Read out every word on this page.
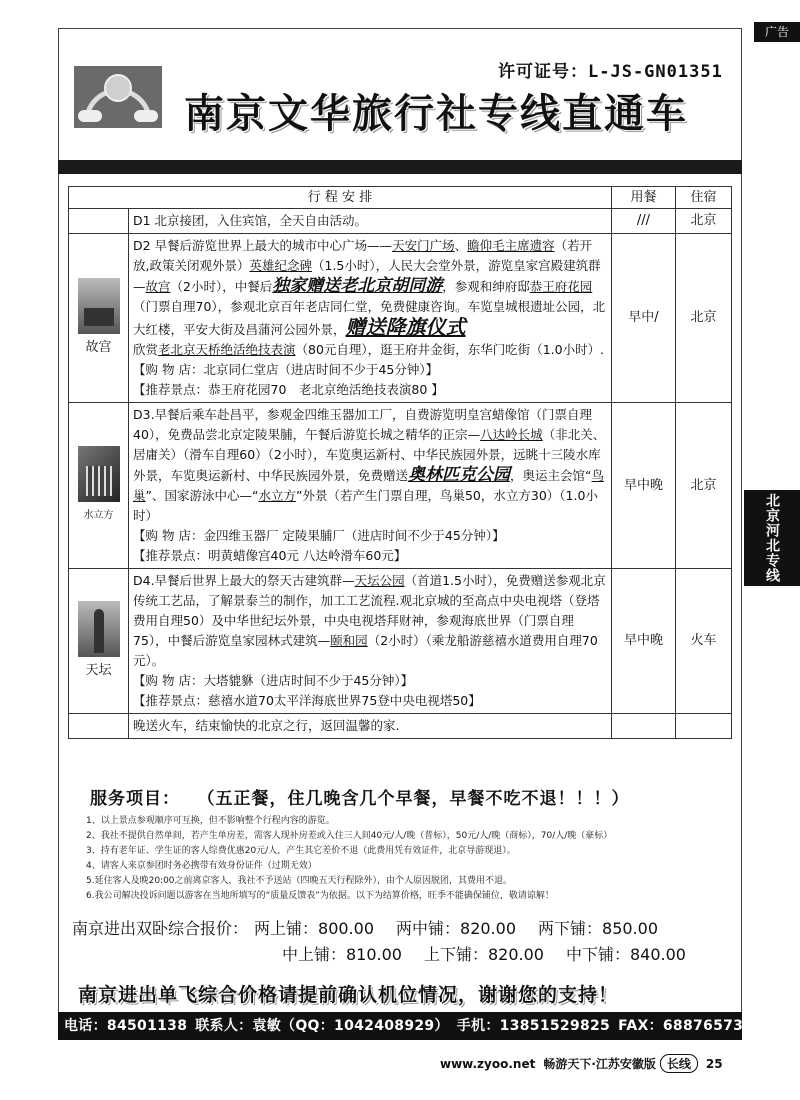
广告
许可证号：L-JS-GN01351
南京文华旅行社专线直通车
行 程 安 排		用餐	住宿
	D1 北京接团，入住宾馆，全天自由活动。	///	北京

故宫	D2 早餐后游览世界上最大的城市中心广场——天安门广场、瞻仰毛主席遗容（若开放,政策关闭观外景）英雄纪念碑（1.5小时），人民大会堂外景，游览皇家宫殿建筑群—故宫（2小时），中餐后独家赠送老北京胡同游，参观和绅府邸恭王府花园（门票自理70），参观北京百年老店同仁堂，免费健康咨询。车览皇城根遗址公园，北大红楼，平安大街及昌蒲河公园外景，赠送降旗仪式
欣赏老北京天桥绝活绝技表演（80元自理），逛王府井金街，东华门吃街（1.0小时）.
【购 物 店：北京同仁堂店（进店时间不少于45分钟）】
【推荐景点：恭王府花园70　老北京绝活绝技表演80 】	早中/	北京

水立方	D3.早餐后乘车赴昌平，参观金四维玉器加工厂，自费游览明皇宫蜡像馆（门票自理40），免费品尝北京定陵果脯，午餐后游览长城之精华的正宗—八达岭长城（非北关、居庸关）（滑车自理60）（2小时），车览奥运新村、中华民族园外景，远眺十三陵水库外景，车览奥运新村、中华民族园外景，免费赠送奥林匹克公园，奥运主会馆“鸟巢”、国家游泳中心—“水立方”外景（若产生门票自理，鸟巢50，水立方30）（1.0小时）
【购 物 店：金四维玉器厂 定陵果脯厂（进店时间不少于45分钟）】
【推荐景点：明黄蜡像宫40元 八达岭滑车60元】	早中晚	北京

天坛	D4.早餐后世界上最大的祭天古建筑群—天坛公园（首道1.5小时），免费赠送参观北京传统工艺品，了解景泰兰的制作，加工工艺流程.观北京城的至高点中央电视塔（登塔费用自理50）及中华世纪坛外景，中央电视塔拜财神，参观海底世界（门票自理75），中餐后游览皇家园林式建筑—颐和园（2小时）（乘龙船游慈禧水道费用自理70元）。
【购 物 店：大塔貔貅（进店时间不少于45分钟）】
【推荐景点：慈禧水道70太平洋海底世界75登中央电视塔50】	早中晚	火车
	晚送火车，结束愉快的北京之行，返回温馨的家.		
北京河北专线
服务项目： （五正餐，住几晚含几个早餐，早餐不吃不退！！！）
1、以上景点参观顺序可互换，但不影响整个行程内容的游览。
2、我社不提供自然单间，若产生单房差，需客人现补房差或入住三人间40元/人/晚（普标），50元/人/晚（商标），70/人/晚（豪标）
3、持有老年证、学生证的客人综费优惠20元/人，产生其它差价不退（此费用凭有效证件，北京导游现退）。
4、请客人来京参团时务必携带有效身份证件（过期无效）
5.延住客人及晚20:00之前离京客人，我社不予送站（四晚五天行程除外），由个人原因脱团，其费用不退。
6.我公司解决投诉问题以游客在当地所填写的“质量反馈表”为依据。以下为结算价格，旺季不能确保铺位，敬请谅解！
南京进出双卧综合报价： 两上铺：800.00 两中铺：820.00 两下铺：850.00
中上铺：810.00 上下铺：820.00 中下铺：840.00
南京进出单飞综合价格请提前确认机位情况，谢谢您的支持！
电话：84501138 联系人：袁敏（QQ：1042408929） 手机：13851529825 FAX：68876573
www.zyoo.net 畅游天下·江苏安徽版 长线 25
